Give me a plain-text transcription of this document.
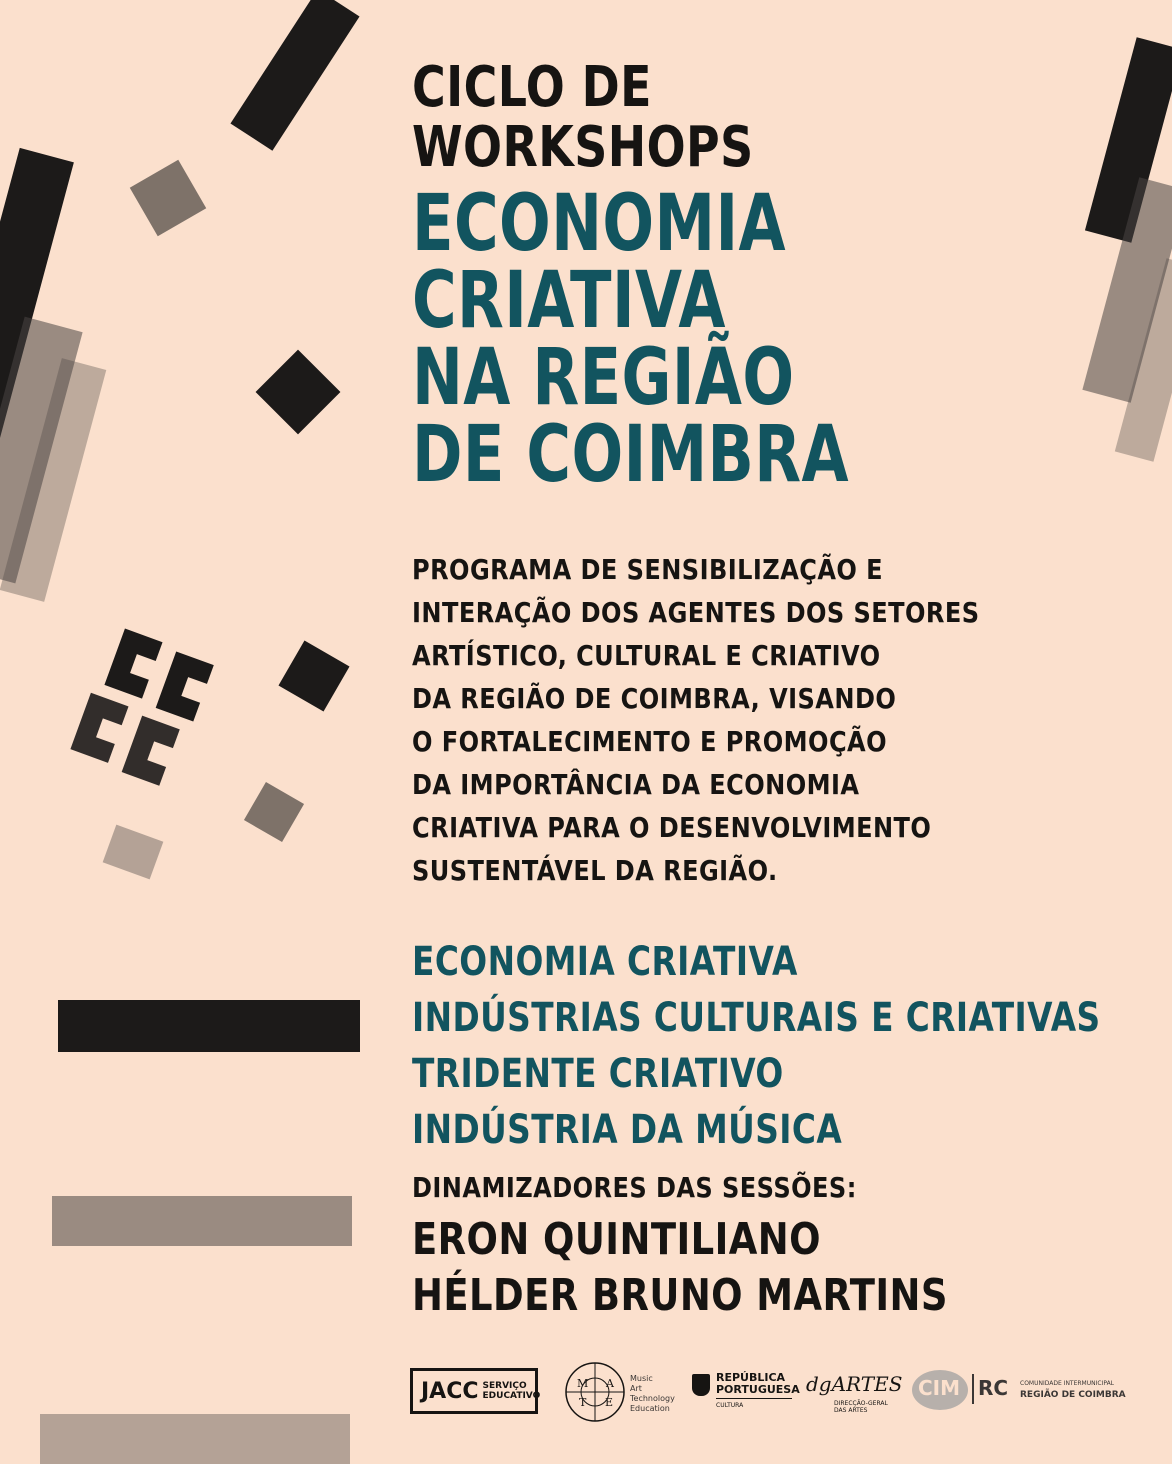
CICLO DE
WORKSHOPS
ECONOMIA
CRIATIVA
NA REGIÃO
DE COIMBRA
PROGRAMA DE SENSIBILIZAÇÃO E
INTERAÇÃO DOS AGENTES DOS SETORES
ARTÍSTICO, CULTURAL E CRIATIVO
DA REGIÃO DE COIMBRA, VISANDO
O FORTALECIMENTO E PROMOÇÃO
DA IMPORTÂNCIA DA ECONOMIA
CRIATIVA PARA O DESENVOLVIMENTO
SUSTENTÁVEL DA REGIÃO.
ECONOMIA CRIATIVA
INDÚSTRIAS CULTURAIS E CRIATIVAS
TRIDENTE CRIATIVO
INDÚSTRIA DA MÚSICA
DINAMIZADORES DAS SESSÕES:
ERON QUINTILIANO
HÉLDER BRUNO MARTINS
JACC SERVIÇO EDUCATIVO
M A
T E
Music
Art
Technology
Education
REPÚBLICA
PORTUGUESA
CULTURA
dgARTES
DIRECÇÃO-GERAL DAS ARTES
CIM RC COMUNIDADE INTERMUNICIPAL
REGIÃO DE COIMBRA
